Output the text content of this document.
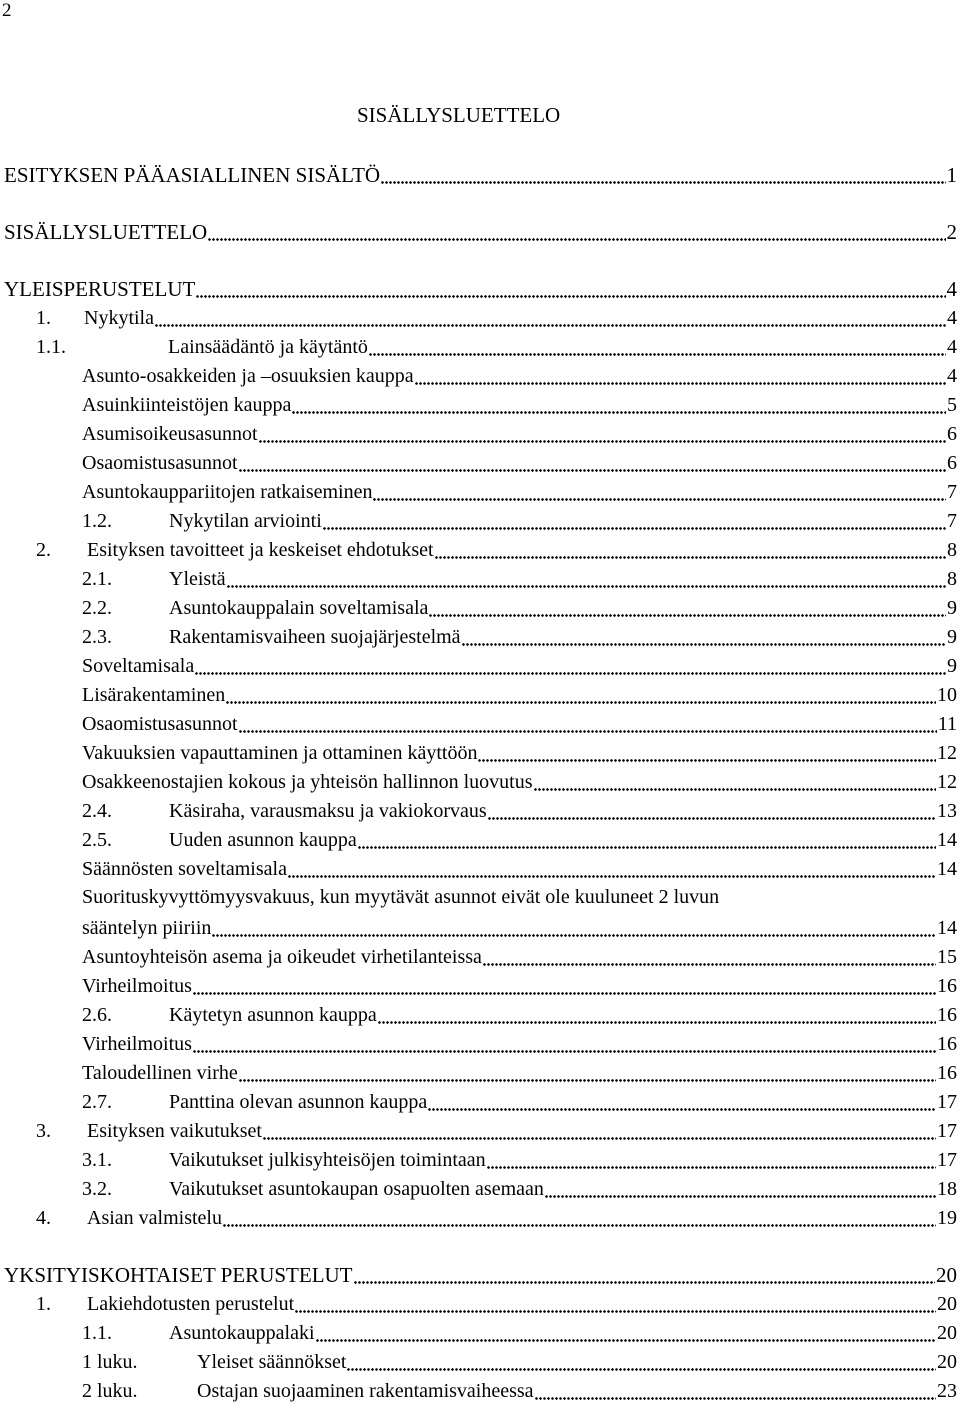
2
SISÄLLYSLUETTELO
ESITYKSEN PÄÄASIALLINEN SISÄLTÖ	1
SISÄLLYSLUETTELO	2
YLEISPERUSTELUT	4
1.	Nykytila	4
1.1.	Lainsäädäntö ja käytäntö	4
Asunto-osakkeiden ja –osuuksien kauppa	4
Asuinkiinteistöjen kauppa	5
Asumisoikeusasunnot	6
Osaomistusasunnot	6
Asuntokauppariitojen ratkaiseminen	7
1.2.	Nykytilan arviointi	7
2.	Esityksen tavoitteet ja keskeiset ehdotukset	8
2.1.	Yleistä	8
2.2.	Asuntokauppalain soveltamisala	9
2.3.	Rakentamisvaiheen suojajärjestelmä	9
Soveltamisala	9
Lisärakentaminen	10
Osaomistusasunnot	11
Vakuuksien vapauttaminen ja ottaminen käyttöön	12
Osakkeenostajien kokous ja yhteisön hallinnon luovutus	12
2.4.	Käsiraha, varausmaksu ja vakiokorvaus	13
2.5.	Uuden asunnon kauppa	14
Säännösten soveltamisala	14
Suorituskyvyttömyysvakuus, kun myytävät asunnot eivät ole kuuluneet 2 luvun
sääntelyn piiriin	14
Asuntoyhteisön asema ja oikeudet virhetilanteissa	15
Virheilmoitus	16
2.6.	Käytetyn asunnon kauppa	16
Virheilmoitus	16
Taloudellinen virhe	16
2.7.	Panttina olevan asunnon kauppa	17
3.	Esityksen vaikutukset	17
3.1.	Vaikutukset julkisyhteisöjen toimintaan	17
3.2.	Vaikutukset asuntokaupan osapuolten asemaan	18
4.	Asian valmistelu	19
YKSITYISKOHTAISET PERUSTELUT	20
1.	Lakiehdotusten perustelut	20
1.1.	Asuntokauppalaki	20
1 luku.	Yleiset säännökset	20
2 luku.	Ostajan suojaaminen rakentamisvaiheessa	23
